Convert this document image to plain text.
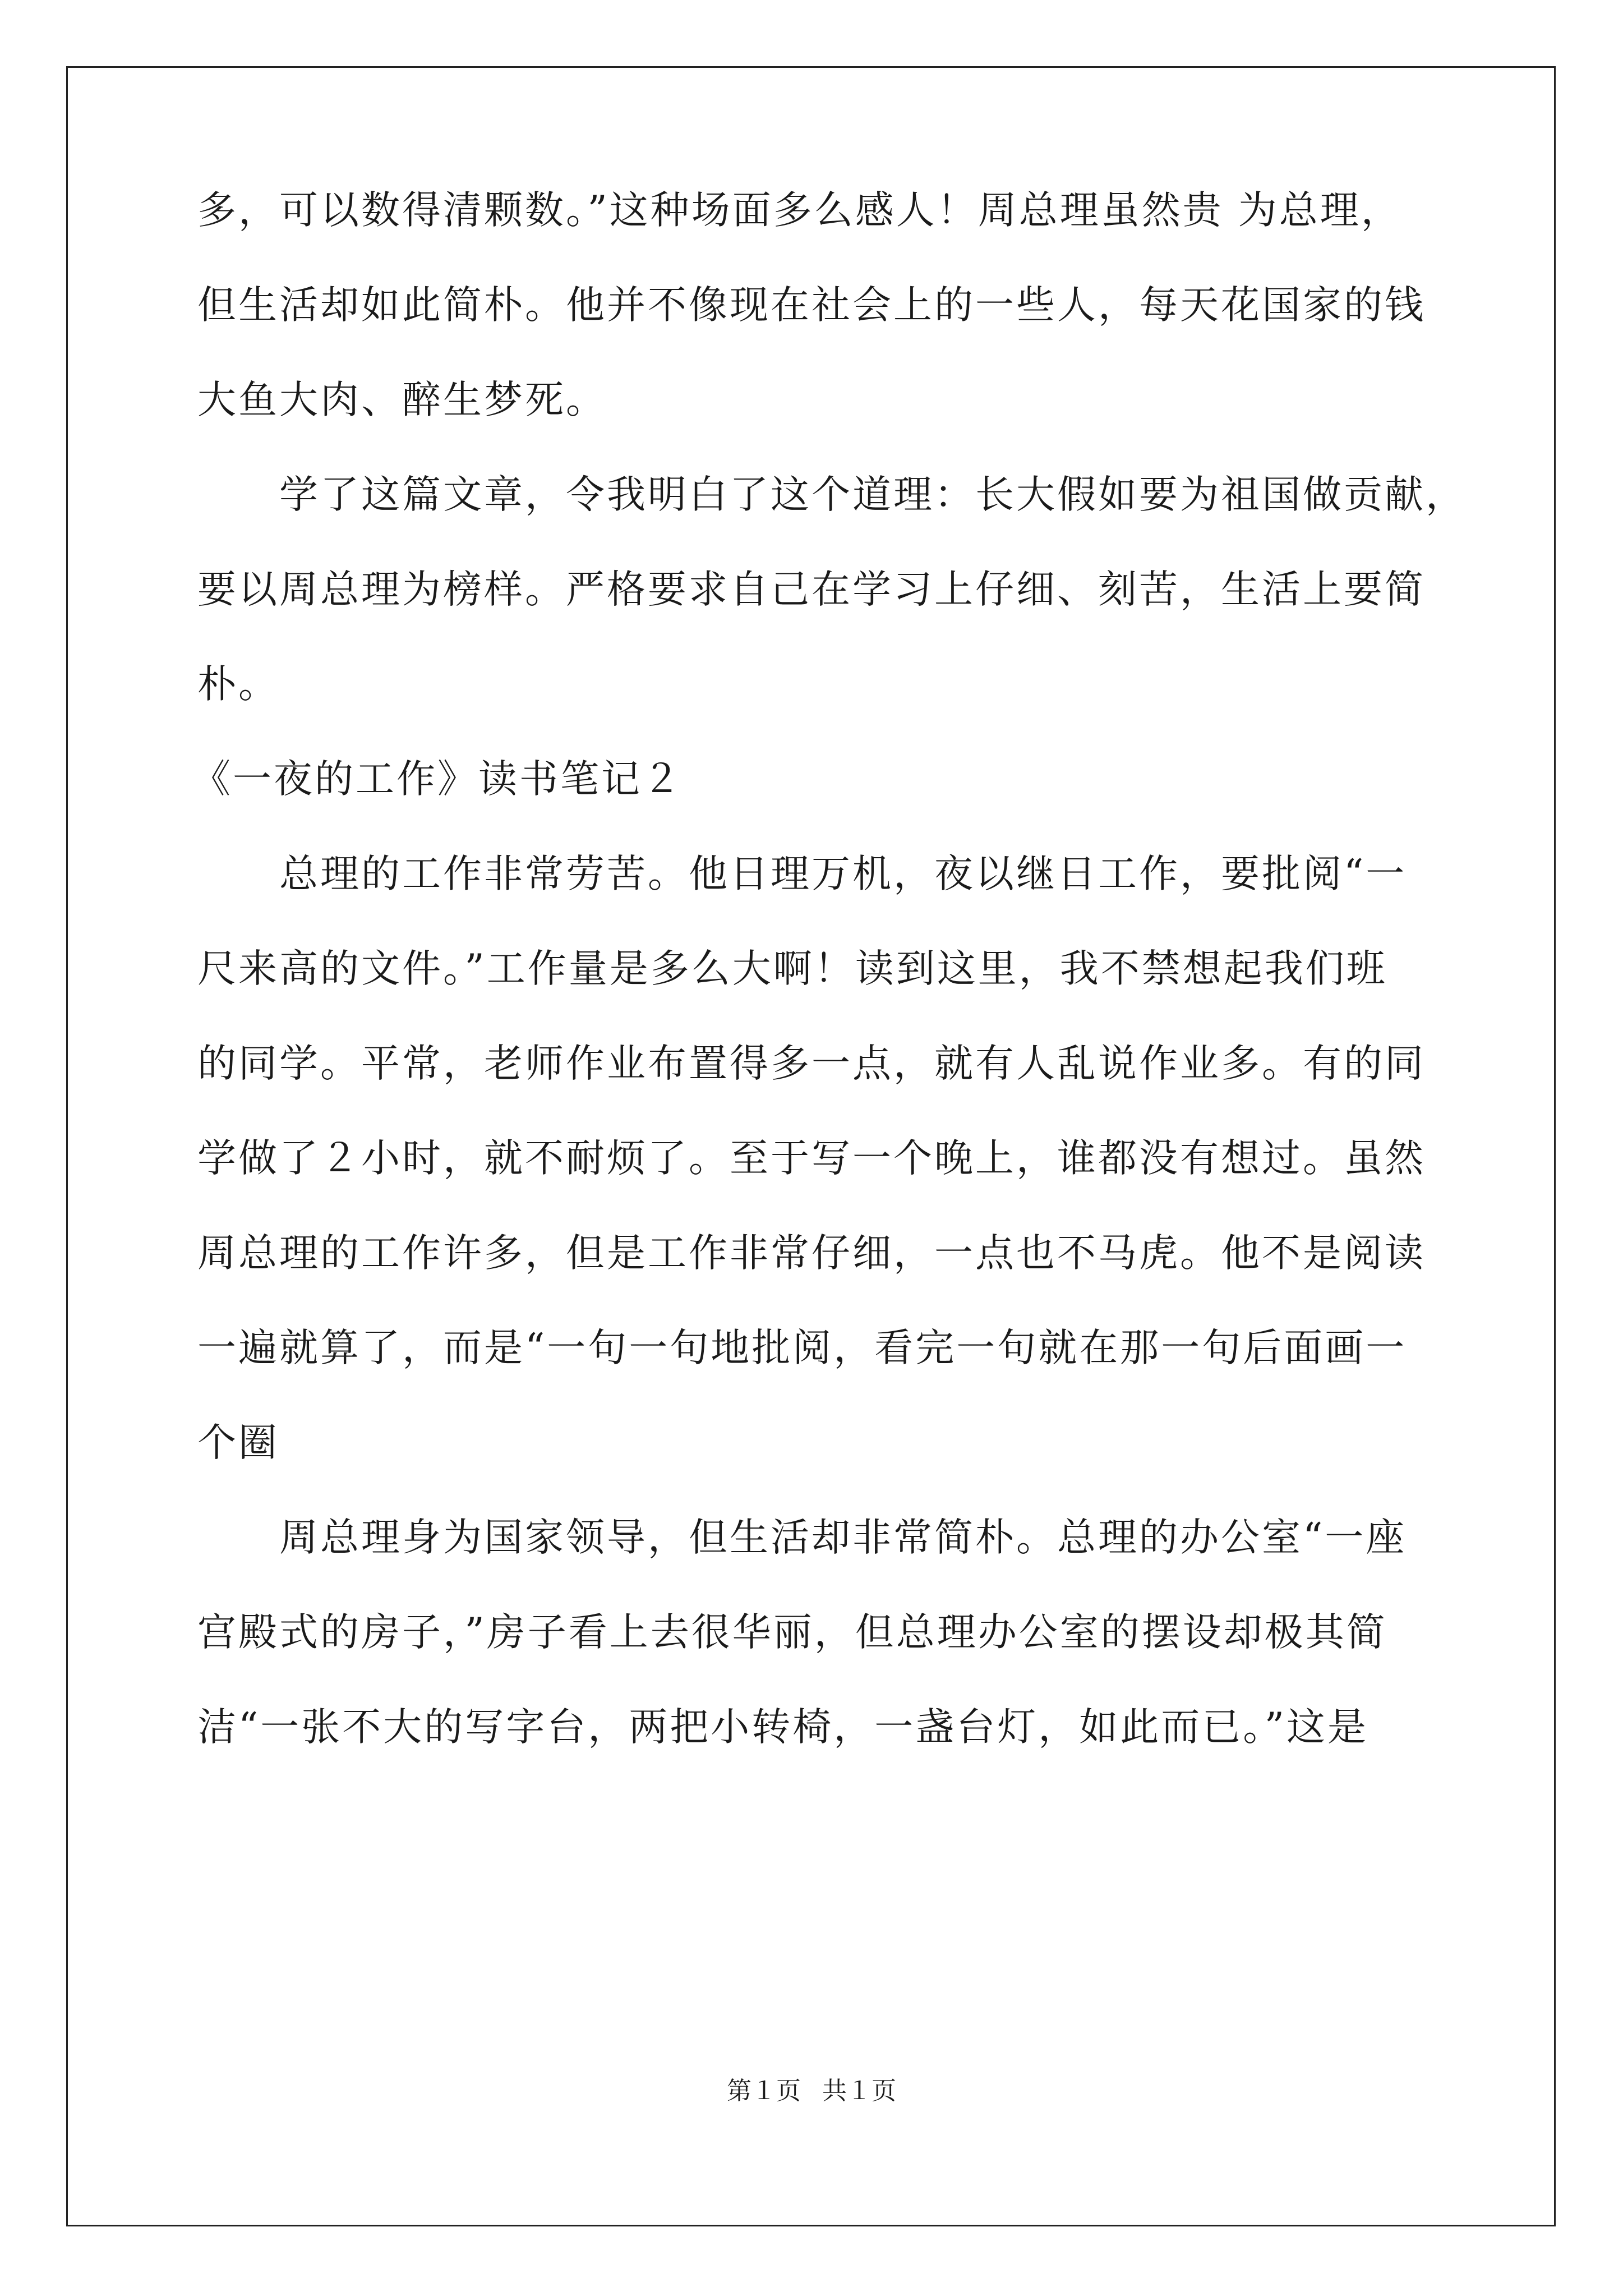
多，可以数得清颗数。”这种场面多么感人！周总理虽然贵 为总理，
但生活却如此简朴。他并不像现在社会上的一些人，每天花国家的钱
大鱼大肉、醉生梦死。
　　学了这篇文章，令我明白了这个道理：长大假如要为祖国做贡献，
要以周总理为榜样。严格要求自己在学习上仔细、刻苦，生活上要简
朴。
《一夜的工作》读书笔记２
　　总理的工作非常劳苦。他日理万机，夜以继日工作，要批阅“一
尺来高的文件。”工作量是多么大啊！读到这里，我不禁想起我们班
的同学。平常，老师作业布置得多一点，就有人乱说作业多。有的同
学做了２小时，就不耐烦了。至于写一个晚上，谁都没有想过。虽然
周总理的工作许多，但是工作非常仔细，一点也不马虎。他不是阅读
一遍就算了，而是“一句一句地批阅，看完一句就在那一句后面画一
个圈
　　周总理身为国家领导，但生活却非常简朴。总理的办公室“一座
宫殿式的房子，”房子看上去很华丽，但总理办公室的摆设却极其简
洁“一张不大的写字台，两把小转椅，一盏台灯，如此而已。”这是
第１页 共１页
